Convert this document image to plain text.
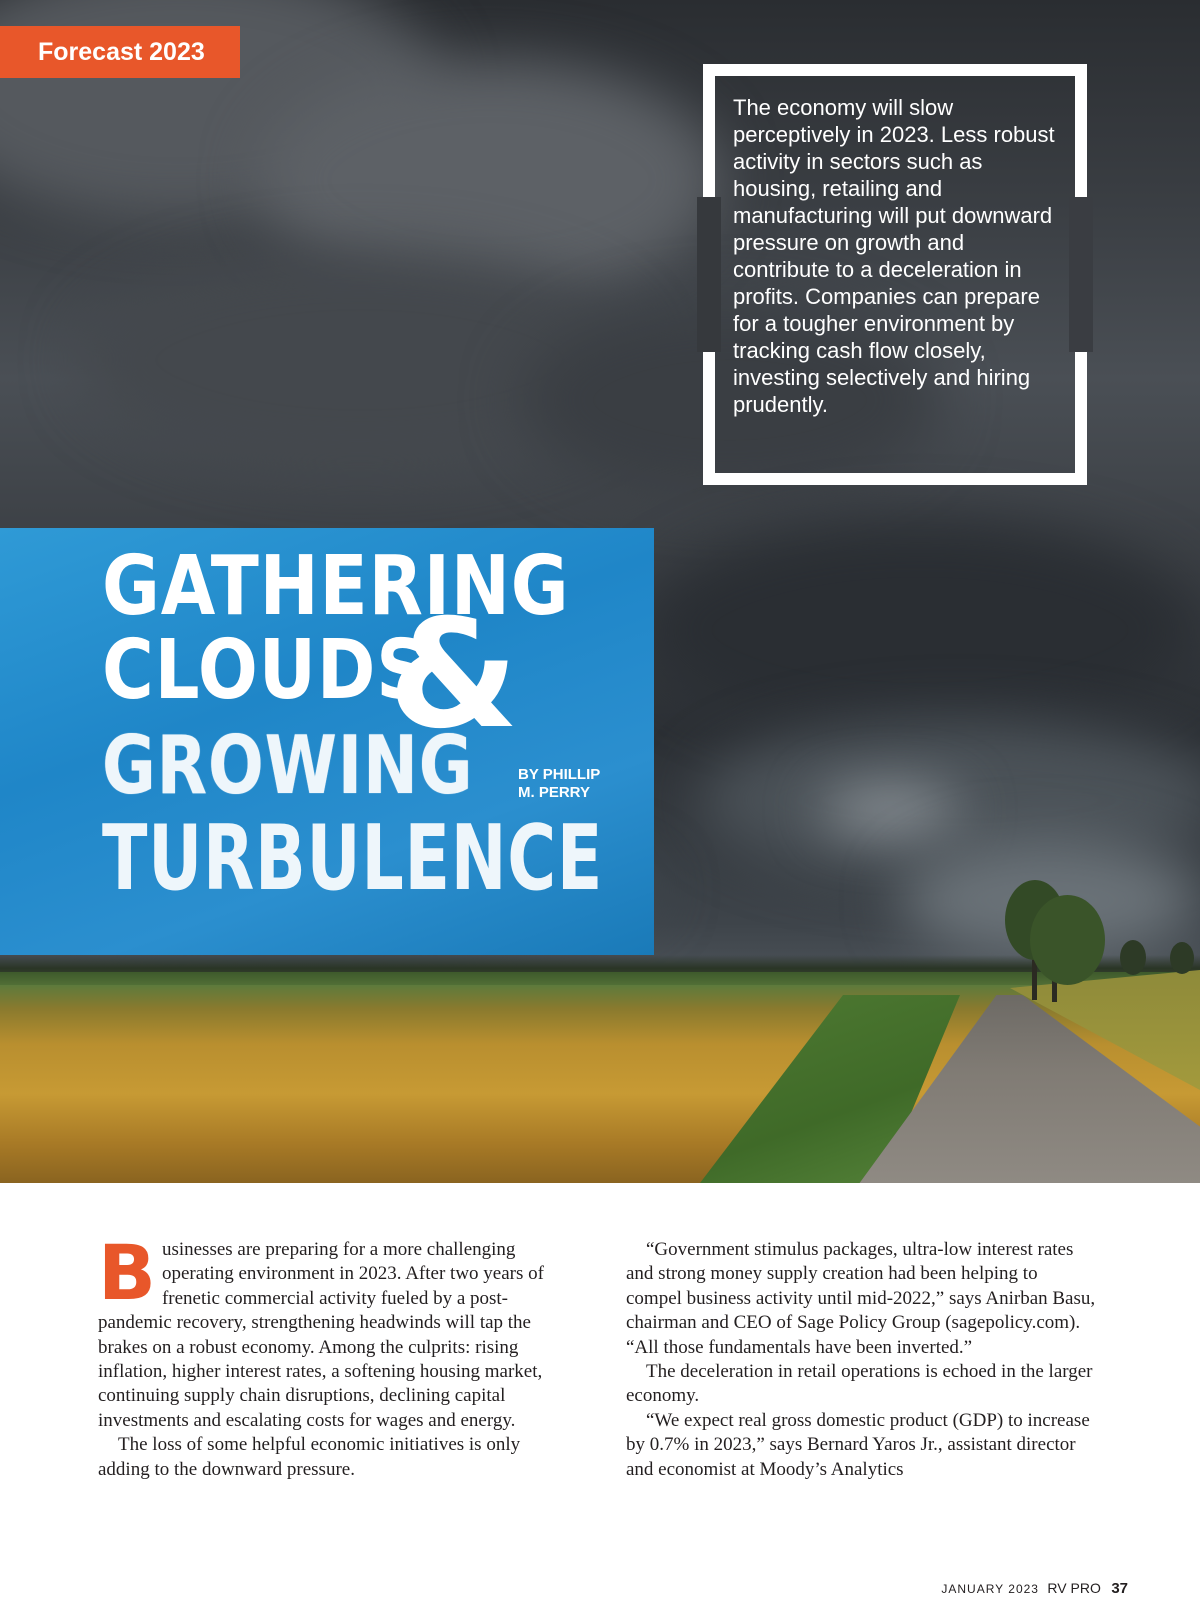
Forecast 2023
The economy will slow perceptively in 2023. Less robust activity in sectors such as housing, retailing and manufacturing will put downward pressure on growth and contribute to a deceleration in profits. Companies can prepare for a tougher environment by tracking cash flow closely, investing selectively and hiring prudently.
GATHERING
CLOUDS
&
GROWING
TURBULENCE
BY PHILLIP
M. PERRY

Businesses are preparing for a more challenging operating environment in 2023. After two years of frenetic commercial activity fueled by a post-pandemic recovery, strengthening headwinds will tap the brakes on a robust economy. Among the culprits: rising inflation, higher interest rates, a softening housing market, continuing supply chain disruptions, declining capital investments and escalating costs for wages and energy.

The loss of some helpful economic initiatives is only adding to the downward pressure.

“Government stimulus packages, ultra-low interest rates and strong money supply creation had been helping to compel business activity until mid-2022,” says Anirban Basu, chairman and CEO of Sage Policy Group (sagepolicy.com). “All those fundamentals have been inverted.”

The deceleration in retail operations is echoed in the larger economy.

“We expect real gross domestic product (GDP) to increase by 0.7% in 2023,” says Bernard Yaros Jr., assistant director and economist at Moody’s Analytics

JANUARY 2023 RV PRO 37
